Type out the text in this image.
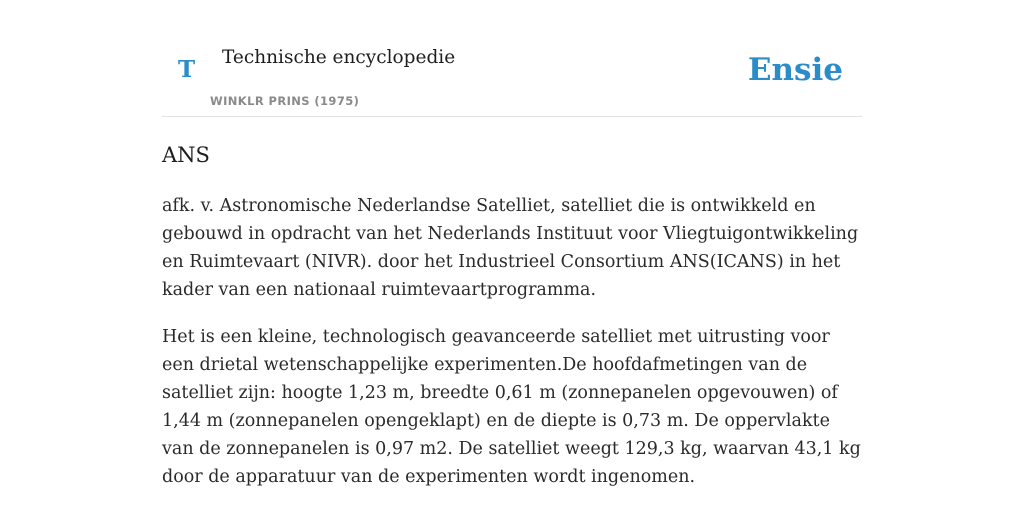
T Technische encyclopedie
WINKLR PRINS (1975)
Ensie
ANS

afk. v. Astronomische Nederlandse Satelliet, satelliet die is ontwikkeld en gebouwd in opdracht van het Nederlands Instituut voor Vliegtuigontwikkeling en Ruimtevaart (NIVR). door het Industrieel Consortium ANS(ICANS) in het kader van een nationaal ruimtevaartprogramma.

Het is een kleine, technologisch geavanceerde satelliet met uitrusting voor een drietal wetenschappelijke experimenten.De hoofdafmetingen van de satelliet zijn: hoogte 1,23 m, breedte 0,61 m (zonnepanelen opgevouwen) of 1,44 m (zonnepanelen opengeklapt) en de diepte is 0,73 m. De oppervlakte van de zonnepanelen is 0,97 m2. De satelliet weegt 129,3 kg, waarvan 43,1 kg door de apparatuur van de experimenten wordt ingenomen.
